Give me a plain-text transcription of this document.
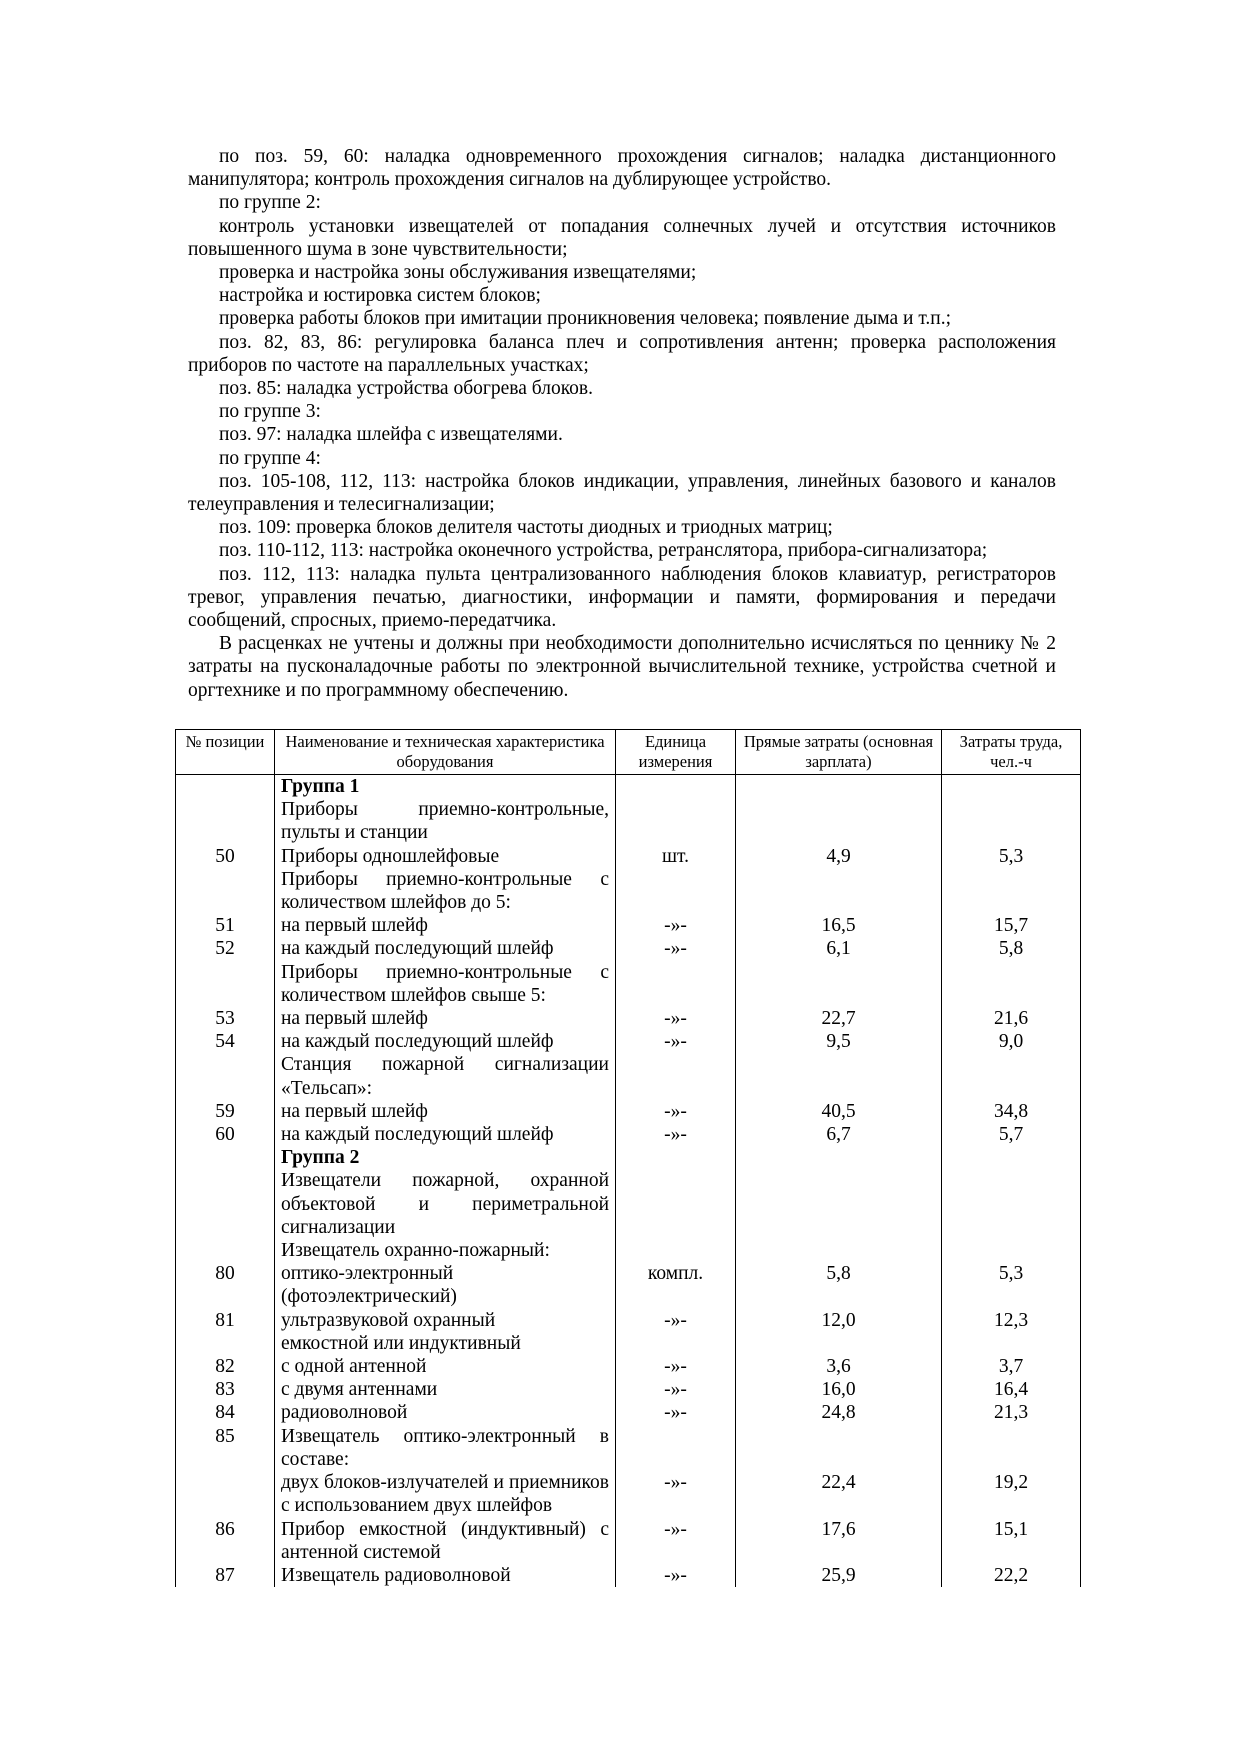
по поз. 59, 60: наладка одновременного прохождения сигналов; наладка дистанционного манипулятора; контроль прохождения сигналов на дублирующее устройство.

по группе 2:

контроль установки извещателей от попадания солнечных лучей и отсутствия источников повышенного шума в зоне чувствительности;

проверка и настройка зоны обслуживания извещателями;

настройка и юстировка систем блоков;

проверка работы блоков при имитации проникновения человека; появление дыма и т.п.;

поз. 82, 83, 86: регулировка баланса плеч и сопротивления антенн; проверка расположения приборов по частоте на параллельных участках;

поз. 85: наладка устройства обогрева блоков.

по группе 3:

поз. 97: наладка шлейфа с извещателями.

по группе 4:

поз. 105-108, 112, 113: настройка блоков индикации, управления, линейных базового и каналов телеуправления и телесигнализации;

поз. 109: проверка блоков делителя частоты диодных и триодных матриц;

поз. 110-112, 113: настройка оконечного устройства, ретранслятора, прибора-сигнализатора;

поз. 112, 113: наладка пульта централизованного наблюдения блоков клавиатур, регистраторов тревог, управления печатью, диагностики, информации и памяти, формирования и передачи сообщений, спросных, приемо-передатчика.

В расценках не учтены и должны при необходимости дополнительно исчисляться по ценнику № 2 затраты на пусконаладочные работы по электронной вычислительной технике, устройства счетной и оргтехнике и по программному обеспечению.

№ позиции	Наименование и техническая характеристика оборудования	Единица измерения	Прямые затраты (основная зарплата)	Затраты труда, чел.-ч
	Группа 1			
	Приборы приемно-контрольные, пульты и станции			
50	Приборы одношлейфовые	шт.	4,9	5,3
	Приборы приемно-контрольные с количеством шлейфов до 5:			
51	на первый шлейф	-»-	16,5	15,7
52	на каждый последующий шлейф	-»-	6,1	5,8
	Приборы приемно-контрольные с количеством шлейфов свыше 5:			
53	на первый шлейф	-»-	22,7	21,6
54	на каждый последующий шлейф	-»-	9,5	9,0
	Станция пожарной сигнализации «Тельсап»:			
59	на первый шлейф	-»-	40,5	34,8
60	на каждый последующий шлейф	-»-	6,7	5,7
	Группа 2			
	Извещатели пожарной, охранной объектовой и периметральной сигнализации			
	Извещатель охранно-пожарный:			
80	оптико-электронный (фотоэлектрический)	компл.	5,8	5,3
81	ультразвуковой охранный	-»-	12,0	12,3
	емкостной или индуктивный			
82	с одной антенной	-»-	3,6	3,7
83	с двумя антеннами	-»-	16,0	16,4
84	радиоволновой	-»-	24,8	21,3
85	Извещатель оптико-электронный в составе:			
	двух блоков-излучателей и приемников с использованием двух шлейфов	-»-	22,4	19,2
86	Прибор емкостной (индуктивный) с антенной системой	-»-	17,6	15,1
87	Извещатель радиоволновой	-»-	25,9	22,2
